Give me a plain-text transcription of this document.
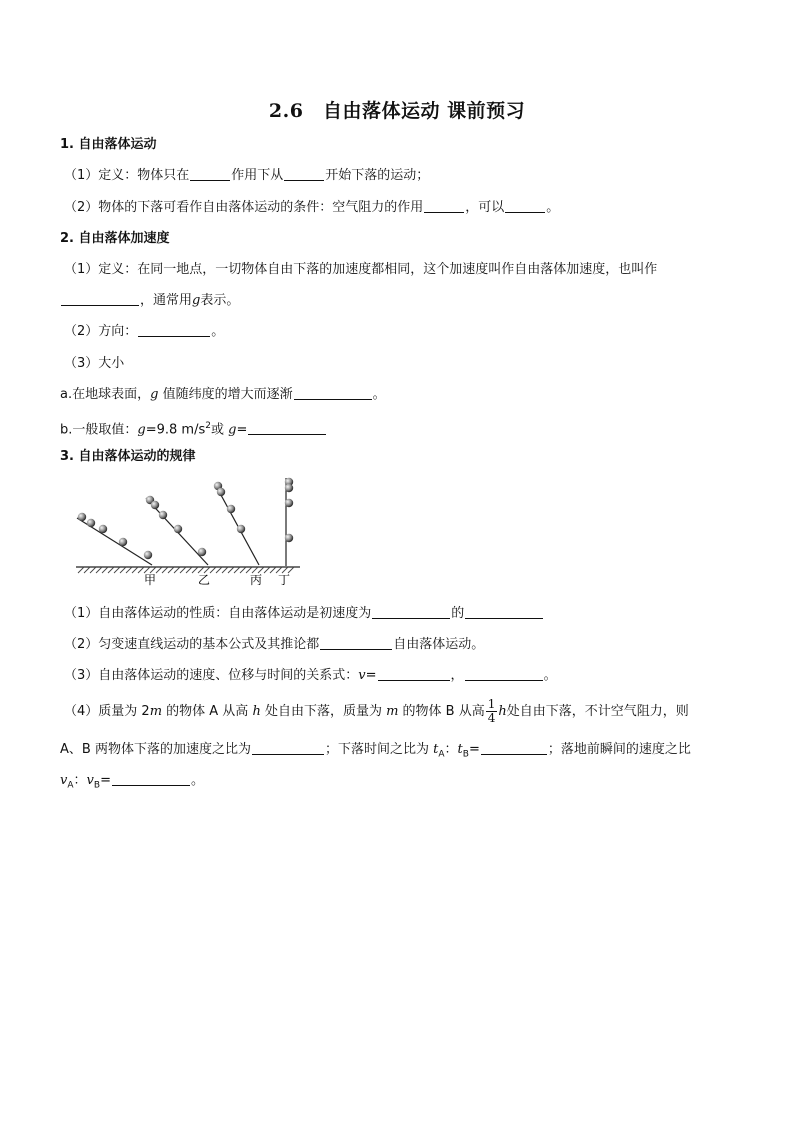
2.6　自由落体运动 课前预习
1. 自由落体运动
（1）定义：物体只在	作用下从	开始下落的运动；
（2）物体的下落可看作自由落体运动的条件：空气阻力的作用	，可以	。
2. 自由落体加速度
（1）定义：在同一地点，一切物体自由下落的加速度都相同，这个加速度叫作自由落体加速度，也叫作
，通常用g表示。
（2）方向：	。
（3）大小
a.在地球表面，g 值随纬度的增大而逐渐	。
b.一般取值：g=9.8 $m/s^2$或 g=
3. 自由落体运动的规律
甲	乙	丙 丁
（1）自由落体运动的性质：自由落体运动是初速度为	的
（2）匀变速直线运动的基本公式及其推论都	自由落体运动。
（3）自由落体运动的速度、位移与时间的关系式：v=	，	。
（4）质量为 2m 的物体 A 从高 h 处自由下落，质量为 m 的物体 B 从高 $\frac{1}{4}$ h处自由下落，不计空气阻力，则
A、B 两物体下落的加速度之比为	；下落时间之比为 $t_A$：$t_B=$	；落地前瞬间的速度之比
$v_A$：$v_B=$	。
